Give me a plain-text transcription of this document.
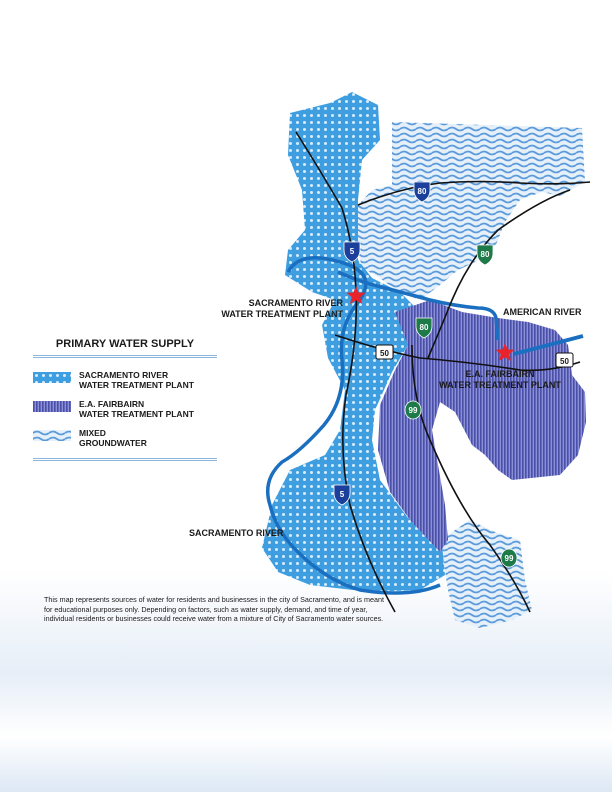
80
80
5
80
50
50
99
99
5
SACRAMENTO RIVER
WATER TREATMENT PLANT
E.A. FAIRBAIRN
WATER TREATMENT PLANT
AMERICAN RIVER
SACRAMENTO RIVER
PRIMARY WATER SUPPLY
SACRAMENTO RIVER
WATER TREATMENT PLANT
E.A. FAIRBAIRN
WATER TREATMENT PLANT
MIXED
GROUNDWATER
This map represents sources of water for residents and businesses in the city of Sacramento, and is meant for educational purposes only. Depending on factors, such as water supply, demand, and time of year, individual residents or businesses could receive water from a mixture of City of Sacramento water sources.
